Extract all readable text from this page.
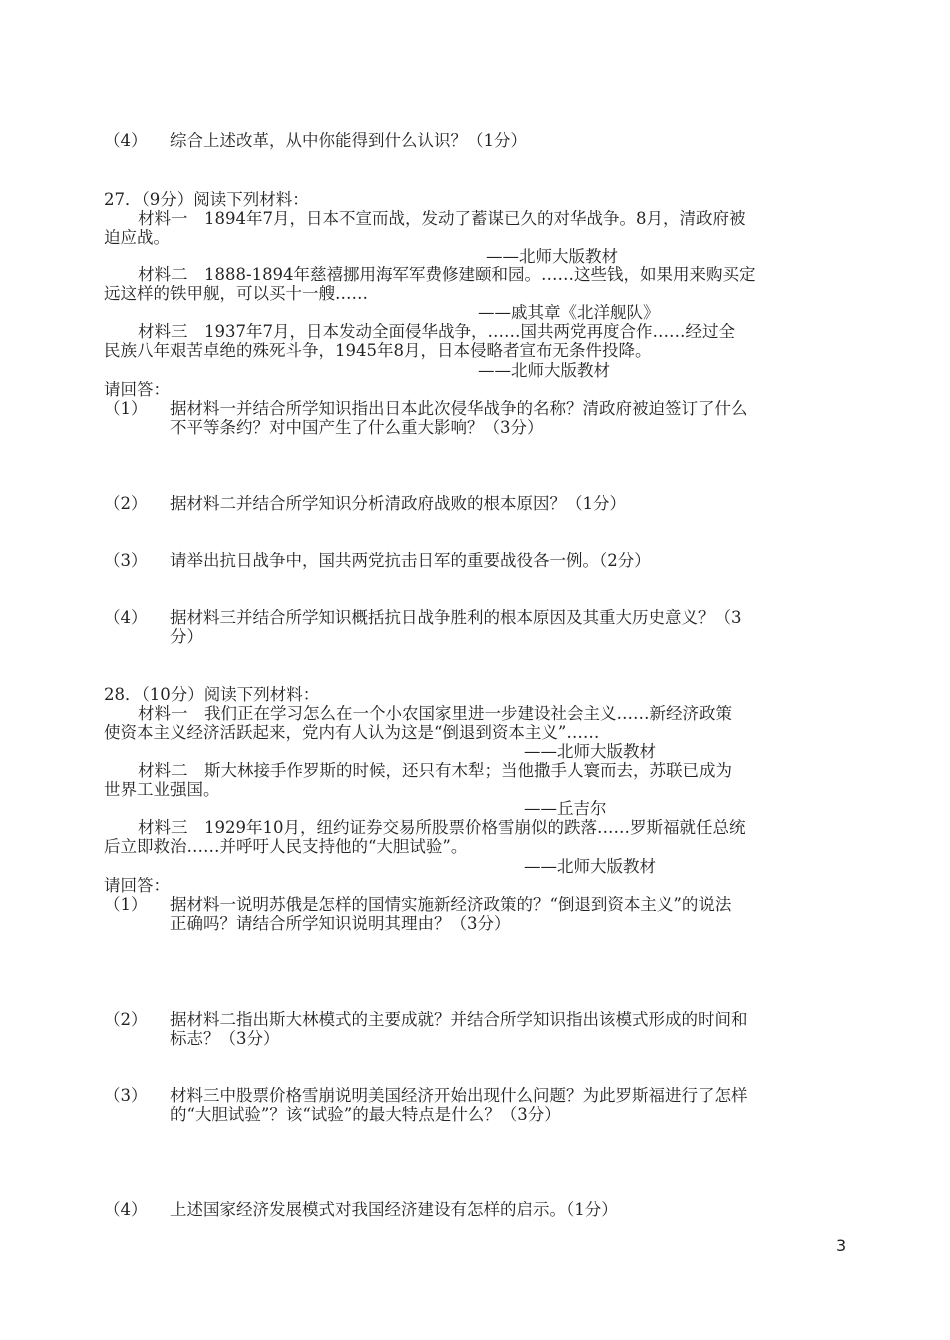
（4） 综合上述改革，从中你能得到什么认识？（1分）
27．（9分）阅读下列材料：
材料一　1894年7月，日本不宣而战，发动了蓄谋已久的对华战争。8月，清政府被
迫应战。
——北师大版教材
材料二　1888-1894年慈禧挪用海军军费修建颐和园。……这些钱，如果用来购买定
远这样的铁甲舰，可以买十一艘……
——戚其章《北洋舰队》
材料三　1937年7月，日本发动全面侵华战争，……国共两党再度合作……经过全
民族八年艰苦卓绝的殊死斗争，1945年8月，日本侵略者宣布无条件投降。
——北师大版教材
请回答：
（1） 据材料一并结合所学知识指出日本此次侵华战争的名称？清政府被迫签订了什么
不平等条约？对中国产生了什么重大影响？（3分）
（2） 据材料二并结合所学知识分析清政府战败的根本原因？（1分）
（3） 请举出抗日战争中，国共两党抗击日军的重要战役各一例。（2分）
（4） 据材料三并结合所学知识概括抗日战争胜利的根本原因及其重大历史意义？（3
分）
28．（10分）阅读下列材料：
材料一　我们正在学习怎么在一个小农国家里进一步建设社会主义……新经济政策
使资本主义经济活跃起来，党内有人认为这是“倒退到资本主义”……
——北师大版教材
材料二　斯大林接手作罗斯的时候，还只有木犁；当他撒手人寰而去，苏联已成为
世界工业强国。
——丘吉尔
材料三　1929年10月，纽约证券交易所股票价格雪崩似的跌落……罗斯福就任总统
后立即救治……并呼吁人民支持他的“大胆试验”。
——北师大版教材
请回答：
（1） 据材料一说明苏俄是怎样的国情实施新经济政策的？“倒退到资本主义”的说法
正确吗？请结合所学知识说明其理由？（3分）
（2） 据材料二指出斯大林模式的主要成就？并结合所学知识指出该模式形成的时间和
标志？（3分）
（3） 材料三中股票价格雪崩说明美国经济开始出现什么问题？为此罗斯福进行了怎样
的“大胆试验”？该“试验”的最大特点是什么？（3分）
（4） 上述国家经济发展模式对我国经济建设有怎样的启示。（1分）
3
